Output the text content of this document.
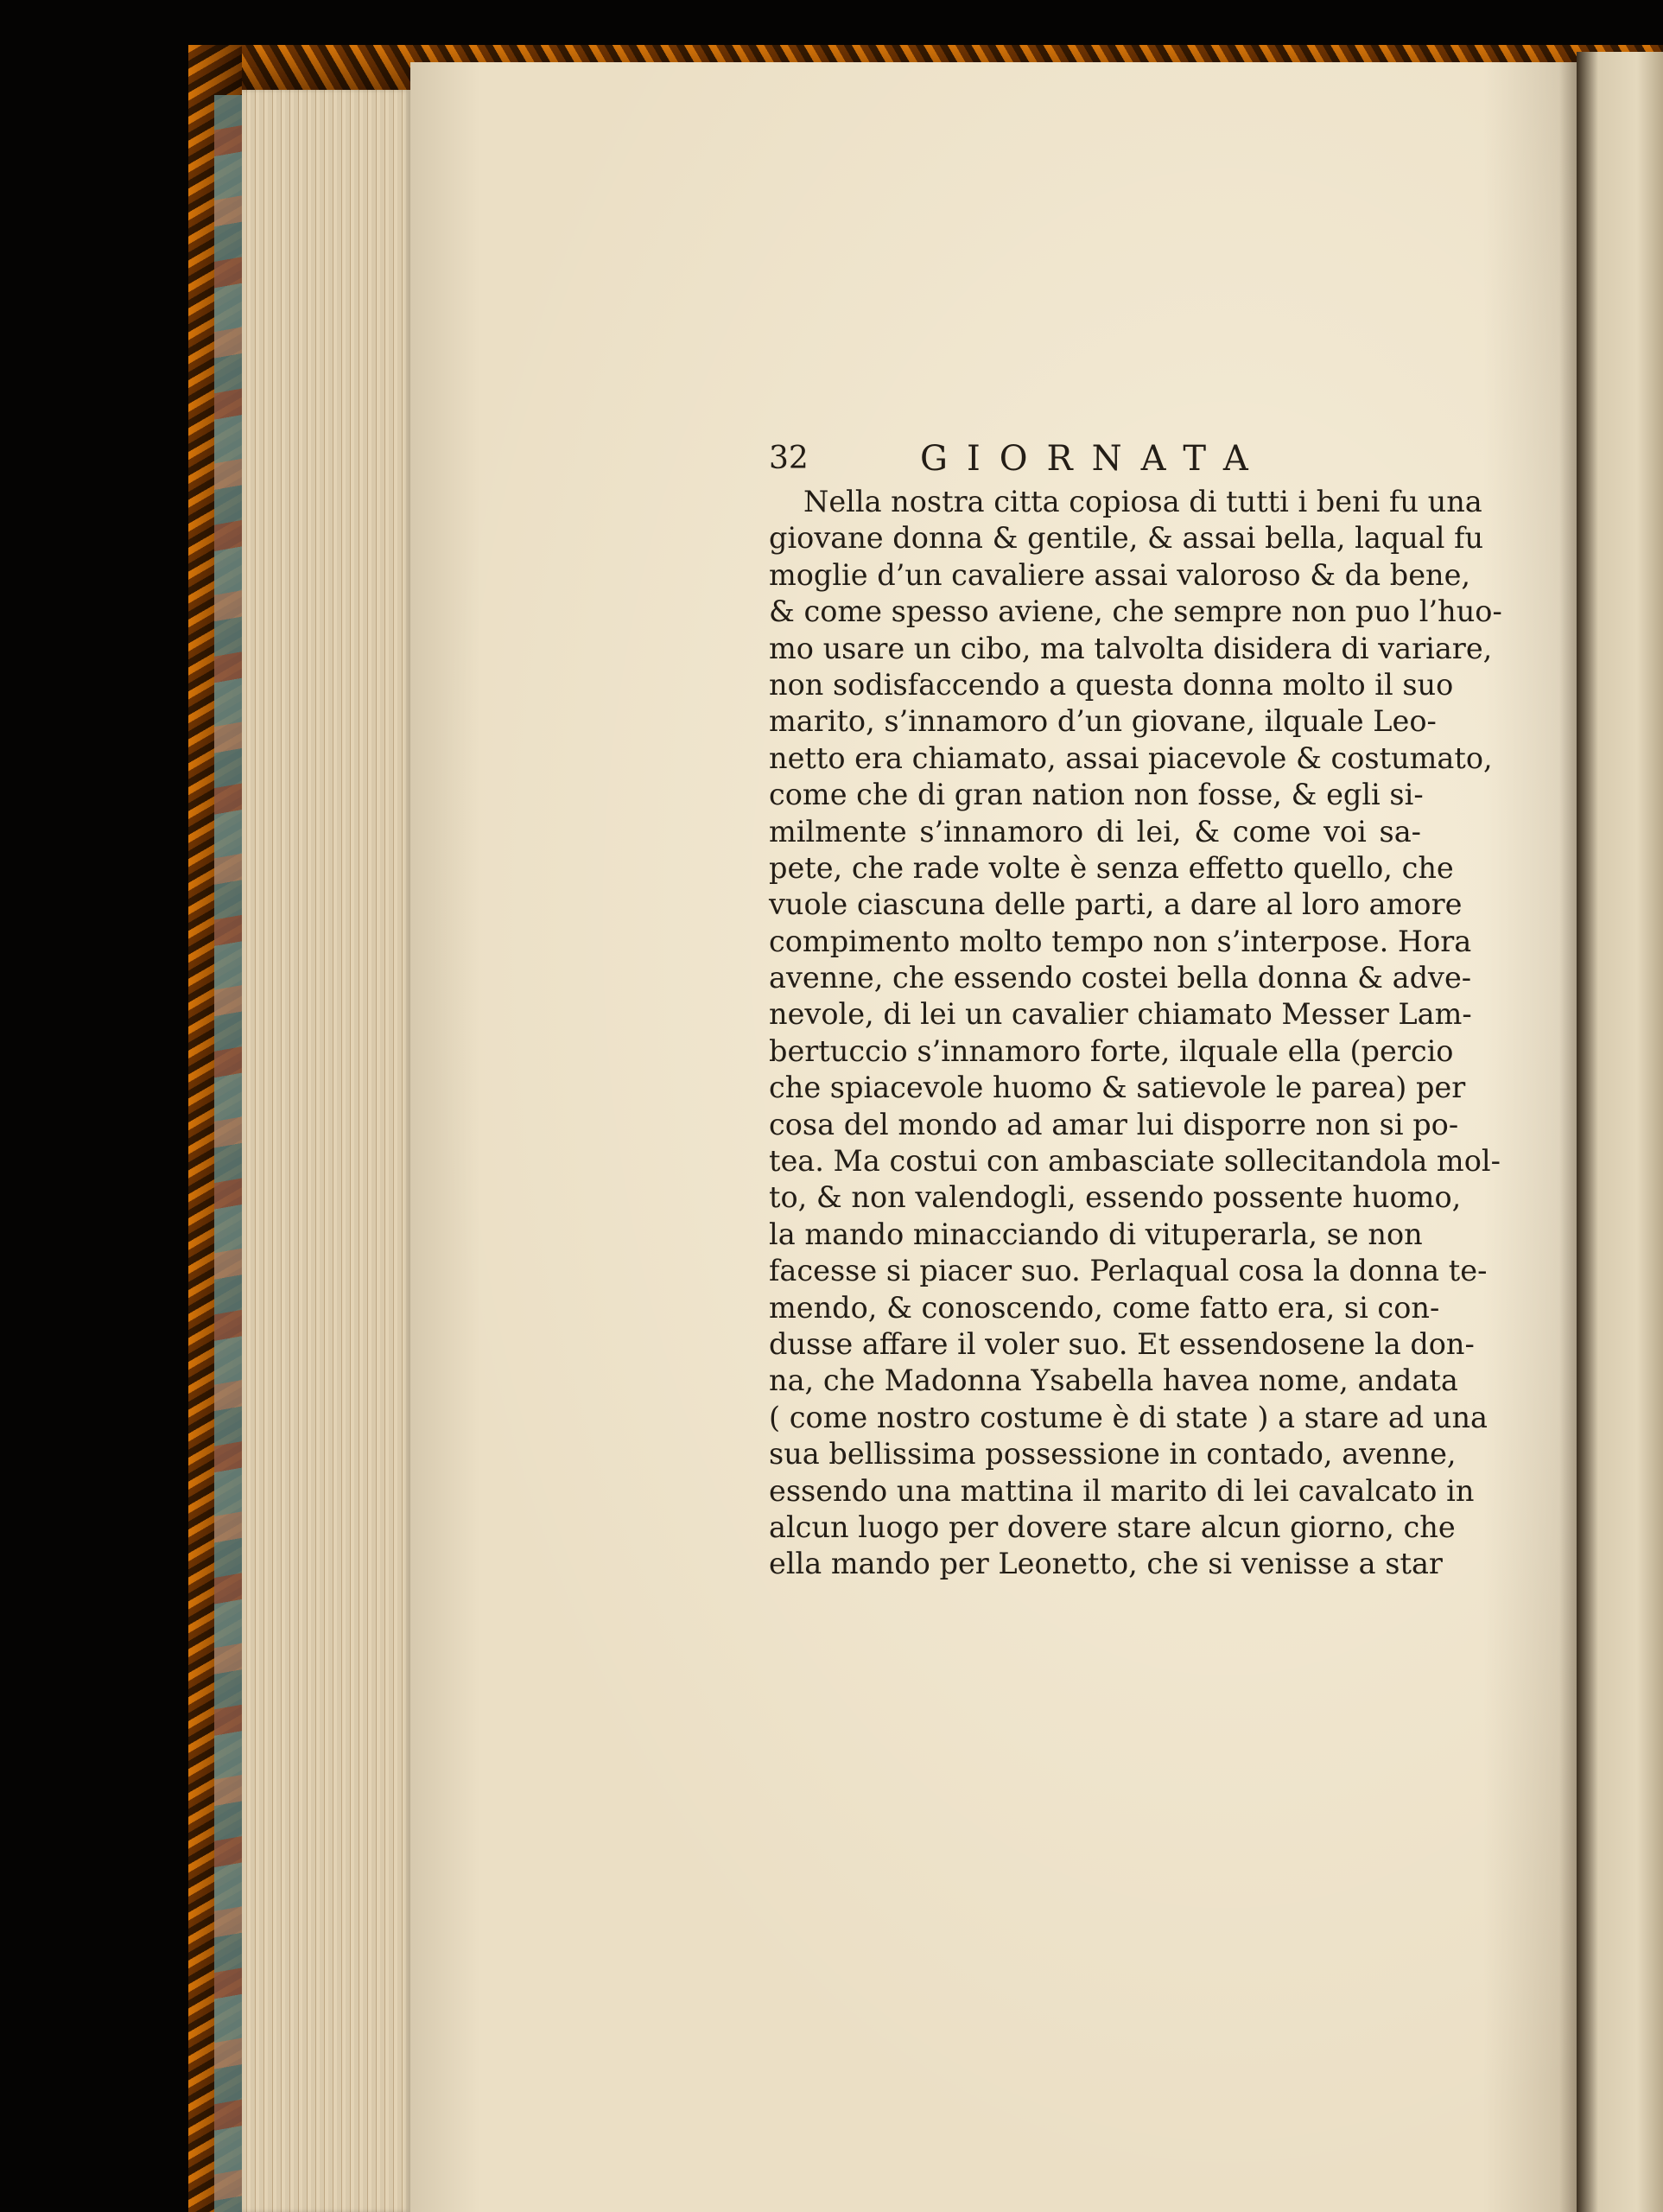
32	GIORNATA
Nella nostra citta copiosa di tutti i beni fu una
giovane donna & gentile, & assai bella, laqual fu
moglie d’un cavaliere assai valoroso & da bene,
& come spesso aviene, che sempre non puo l’huo-
mo usare un cibo, ma talvolta disidera di variare,
non sodisfaccendo a questa donna molto il suo
marito, s’innamoro d’un giovane, ilquale Leo-
netto era chiamato, assai piacevole & costumato,
come che di gran nation non fosse, & egli si-
milmente s’innamoro di lei, & come voi sa-
pete, che rade volte è senza effetto quello, che
vuole ciascuna delle parti, a dare al loro amore
compimento molto tempo non s’interpose. Hora
avenne, che essendo costei bella donna & adve-
nevole, di lei un cavalier chiamato Messer Lam-
bertuccio s’innamoro forte, ilquale ella (percio
che spiacevole huomo & satievole le parea) per
cosa del mondo ad amar lui disporre non si po-
tea. Ma costui con ambasciate sollecitandola mol-
to, & non valendogli, essendo possente huomo,
la mando minacciando di vituperarla, se non
facesse si piacer suo. Perlaqual cosa la donna te-
mendo, & conoscendo, come fatto era, si con-
dusse affare il voler suo. Et essendosene la don-
na, che Madonna Ysabella havea nome, andata
( come nostro costume è di state ) a stare ad una
sua bellissima possessione in contado, avenne,
essendo una mattina il marito di lei cavalcato in
alcun luogo per dovere stare alcun giorno, che
ella mando per Leonetto, che si venisse a star
